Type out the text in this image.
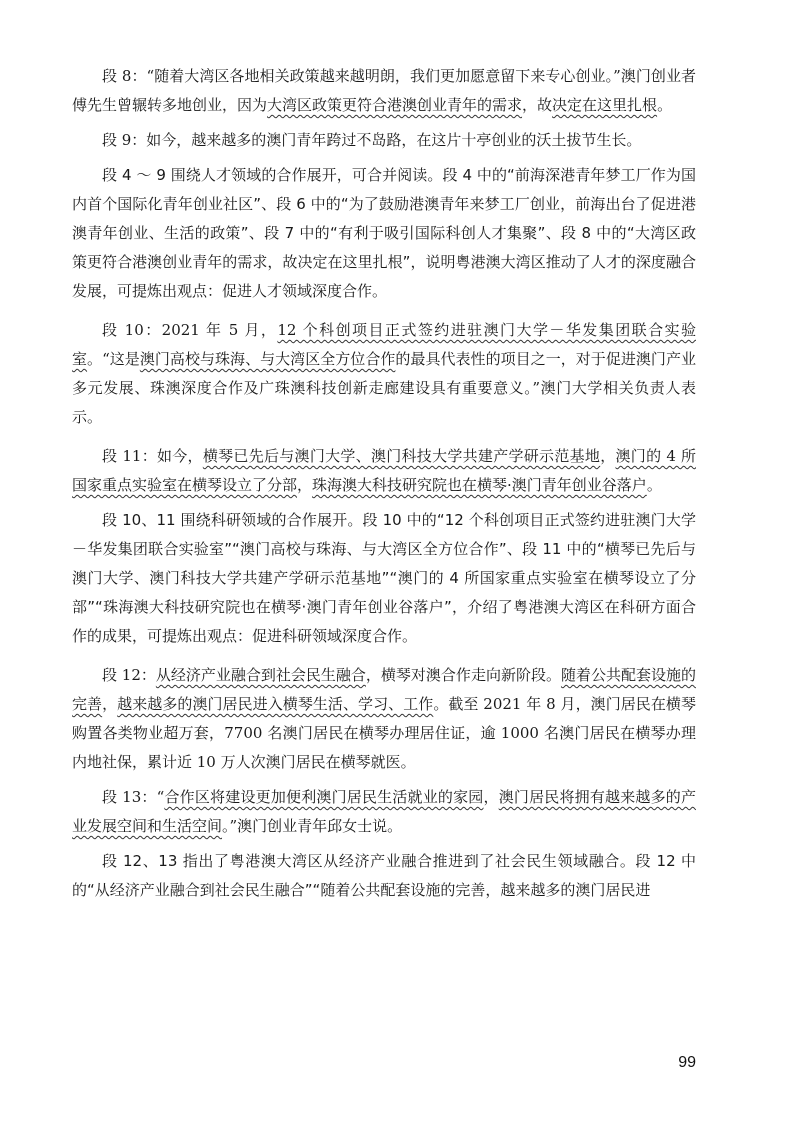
段 8：“随着大湾区各地相关政策越来越明朗，我们更加愿意留下来专心创业。”澳门创业者傅先生曾辗转多地创业，因为大湾区政策更符合港澳创业青年的需求，故决定在这里扎根。

段 9：如今，越来越多的澳门青年跨过不岛路，在这片十亭创业的沃土拔节生长。

段 4 ～ 9 围绕人才领域的合作展开，可合并阅读。段 4 中的“前海深港青年梦工厂作为国内首个国际化青年创业社区”、段 6 中的“为了鼓励港澳青年来梦工厂创业，前海出台了促进港澳青年创业、生活的政策”、段 7 中的“有利于吸引国际科创人才集聚”、段 8 中的“大湾区政策更符合港澳创业青年的需求，故决定在这里扎根”，说明粤港澳大湾区推动了人才的深度融合发展，可提炼出观点：促进人才领域深度合作。

段 10：2021 年 5 月，12 个科创项目正式签约进驻澳门大学－华发集团联合实验室。“这是澳门高校与珠海、与大湾区全方位合作的最具代表性的项目之一，对于促进澳门产业多元发展、珠澳深度合作及广珠澳科技创新走廊建设具有重要意义。”澳门大学相关负责人表示。

段 11：如今，横琴已先后与澳门大学、澳门科技大学共建产学研示范基地，澳门的 4 所国家重点实验室在横琴设立了分部，珠海澳大科技研究院也在横琴·澳门青年创业谷落户。

段 10、11 围绕科研领域的合作展开。段 10 中的“12 个科创项目正式签约进驻澳门大学－华发集团联合实验室”“澳门高校与珠海、与大湾区全方位合作”、段 11 中的“横琴已先后与澳门大学、澳门科技大学共建产学研示范基地”“澳门的 4 所国家重点实验室在横琴设立了分部”“珠海澳大科技研究院也在横琴·澳门青年创业谷落户”，介绍了粤港澳大湾区在科研方面合作的成果，可提炼出观点：促进科研领域深度合作。

段 12：从经济产业融合到社会民生融合，横琴对澳合作走向新阶段。随着公共配套设施的完善，越来越多的澳门居民进入横琴生活、学习、工作。截至 2021 年 8 月，澳门居民在横琴购置各类物业超万套，7700 名澳门居民在横琴办理居住证，逾 1000 名澳门居民在横琴办理内地社保，累计近 10 万人次澳门居民在横琴就医。

段 13：“合作区将建设更加便利澳门居民生活就业的家园，澳门居民将拥有越来越多的产业发展空间和生活空间。”澳门创业青年邱女士说。

段 12、13 指出了粤港澳大湾区从经济产业融合推进到了社会民生领域融合。段 12 中的“从经济产业融合到社会民生融合”“随着公共配套设施的完善，越来越多的澳门居民进

99
